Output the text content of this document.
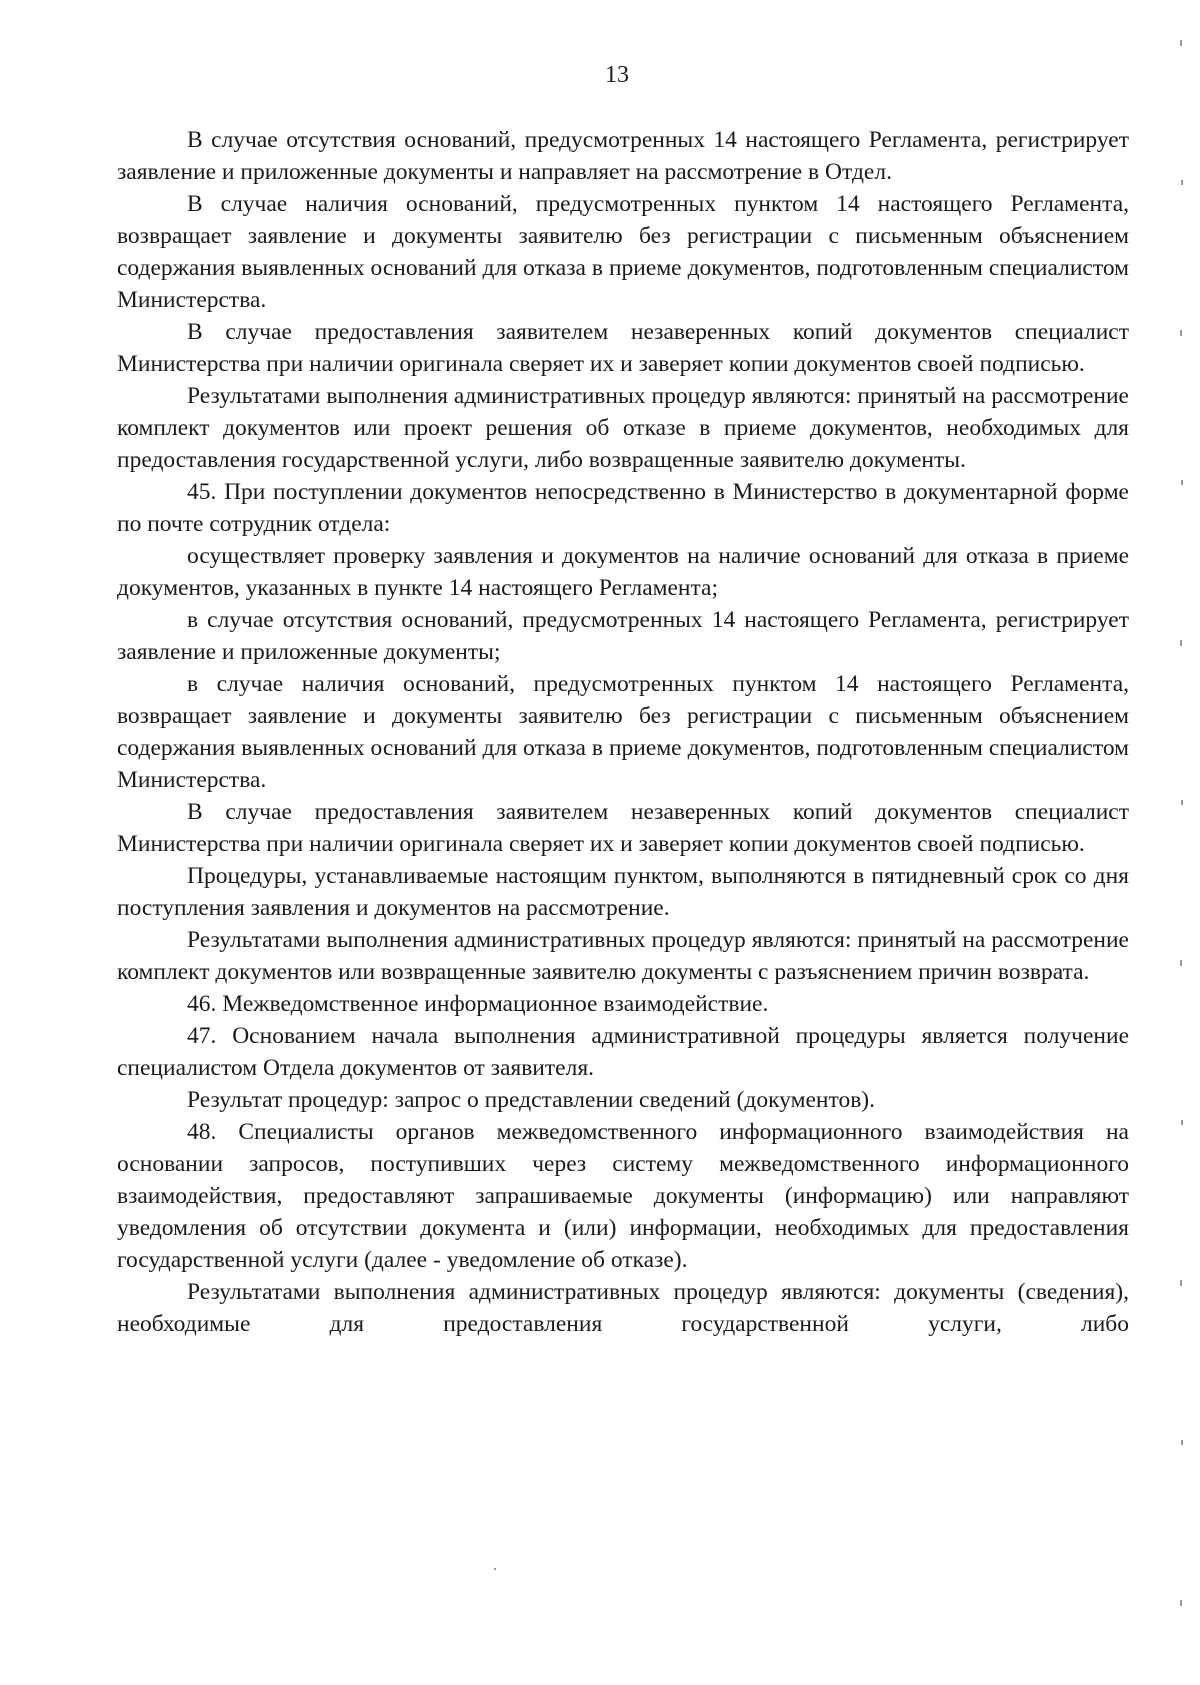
13

В случае отсутствия оснований, предусмотренных 14 настоящего Регламента, регистрирует заявление и приложенные документы и направляет на рассмотрение в Отдел.

В случае наличия оснований, предусмотренных пунктом 14 настоящего Регламента, возвращает заявление и документы заявителю без регистрации с письменным объяснением содержания выявленных оснований для отказа в приеме документов, подготовленным специалистом Министерства.

В случае предоставления заявителем незаверенных копий документов специалист Министерства при наличии оригинала сверяет их и заверяет копии документов своей подписью.

Результатами выполнения административных процедур являются: принятый на рассмотрение комплект документов или проект решения об отказе в приеме документов, необходимых для предоставления государственной услуги, либо возвращенные заявителю документы.

45. При поступлении документов непосредственно в Министерство в документарной форме по почте сотрудник отдела:

осуществляет проверку заявления и документов на наличие оснований для отказа в приеме документов, указанных в пункте 14 настоящего Регламента;

в случае отсутствия оснований, предусмотренных 14 настоящего Регламента, регистрирует заявление и приложенные документы;

в случае наличия оснований, предусмотренных пунктом 14 настоящего Регламента, возвращает заявление и документы заявителю без регистрации с письменным объяснением содержания выявленных оснований для отказа в приеме документов, подготовленным специалистом Министерства.

В случае предоставления заявителем незаверенных копий документов специалист Министерства при наличии оригинала сверяет их и заверяет копии документов своей подписью.

Процедуры, устанавливаемые настоящим пунктом, выполняются в пятидневный срок со дня поступления заявления и документов на рассмотрение.

Результатами выполнения административных процедур являются: принятый на рассмотрение комплект документов или возвращенные заявителю документы с разъяснением причин возврата.

46. Межведомственное информационное взаимодействие.

47. Основанием начала выполнения административной процедуры является получение специалистом Отдела документов от заявителя.

Результат процедур: запрос о представлении сведений (документов).

48. Специалисты органов межведомственного информационного взаимодействия на основании запросов, поступивших через систему межведомственного информационного взаимодействия, предоставляют запрашиваемые документы (информацию) или направляют уведомления об отсутствии документа и (или) информации, необходимых для предоставления государственной услуги (далее - уведомление об отказе).

Результатами выполнения административных процедур являются: документы (сведения), необходимые для предоставления государственной услуги, либо
